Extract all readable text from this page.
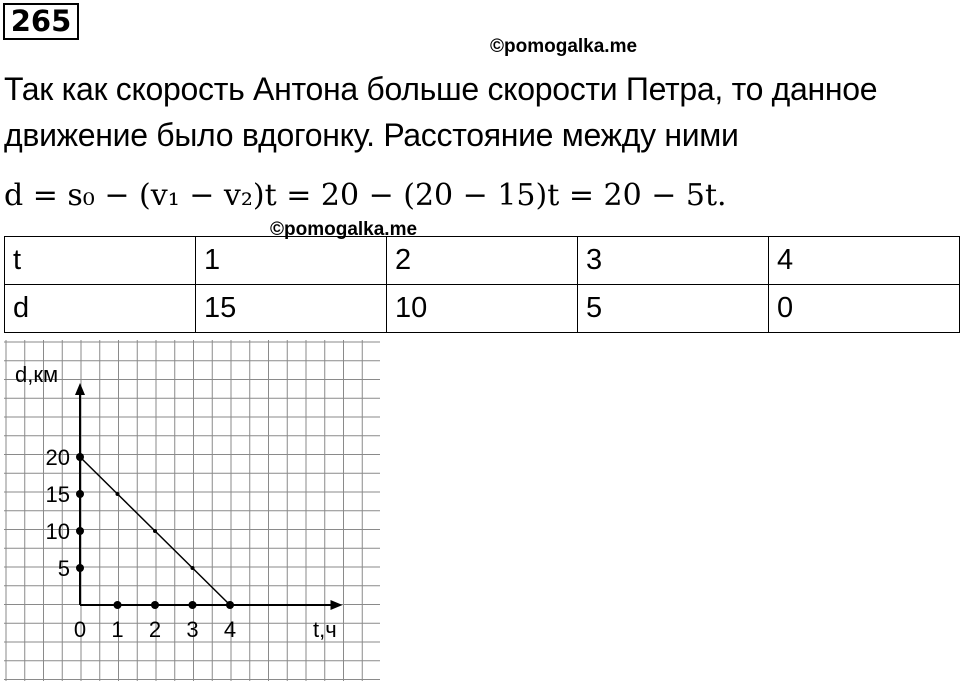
265
©pomogalka.me
Так как скорость Антона больше скорости Петра, то данное
движение было вдогонку. Расстояние между ними
d = s₀ − (v₁ − v₂)t = 20 − (20 − 15)t = 20 − 5t.
©pomogalka.me
t	1	2	3	4
d	15	10	5	0
0 1 2 3 4
5
10
15
20
t,ч
d,км
